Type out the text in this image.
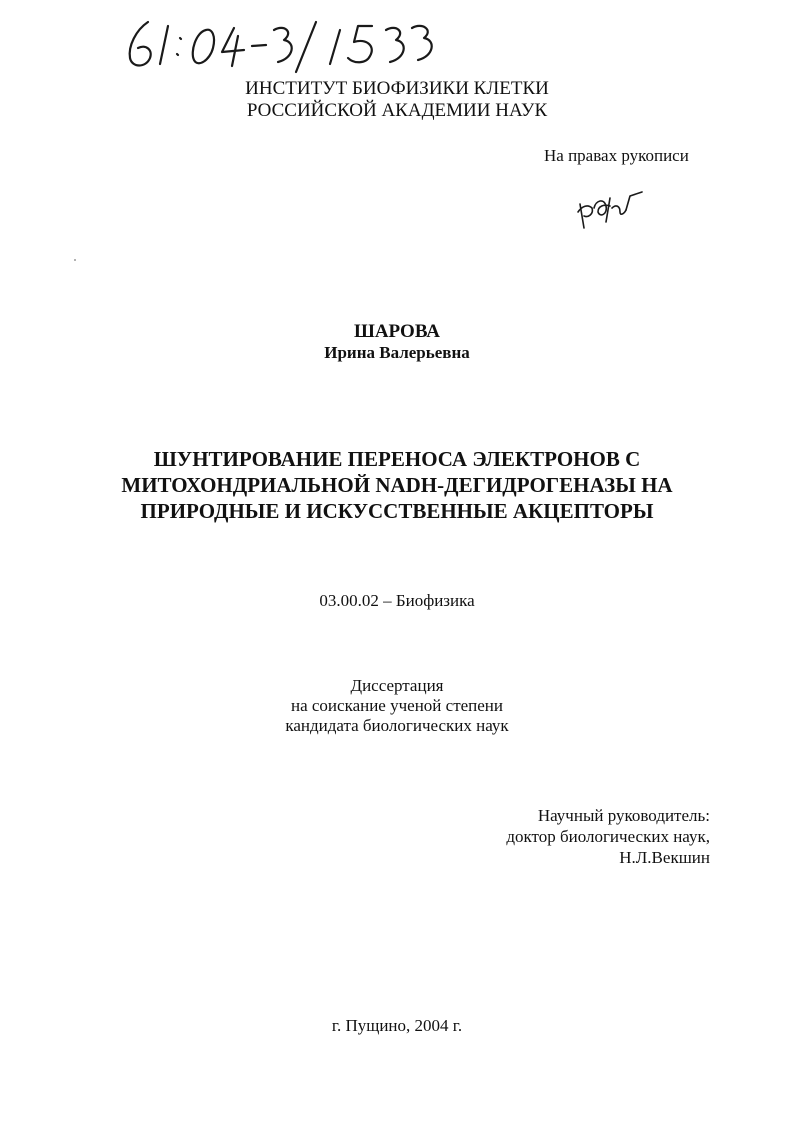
ИНСТИТУТ БИОФИЗИКИ КЛЕТКИ
РОССИЙСКОЙ АКАДЕМИИ НАУК
На правах рукописи
ШАРОВА
Ирина Валерьевна
ШУНТИРОВАНИЕ ПЕРЕНОСА ЭЛЕКТРОНОВ С
МИТОХОНДРИАЛЬНОЙ NADH-ДЕГИДРОГЕНАЗЫ НА
ПРИРОДНЫЕ И ИСКУССТВЕННЫЕ АКЦЕПТОРЫ
03.00.02 – Биофизика
Диссертация
на соискание ученой степени
кандидата биологических наук
Научный руководитель:
доктор биологических наук,
Н.Л.Векшин
г. Пущино, 2004 г.
